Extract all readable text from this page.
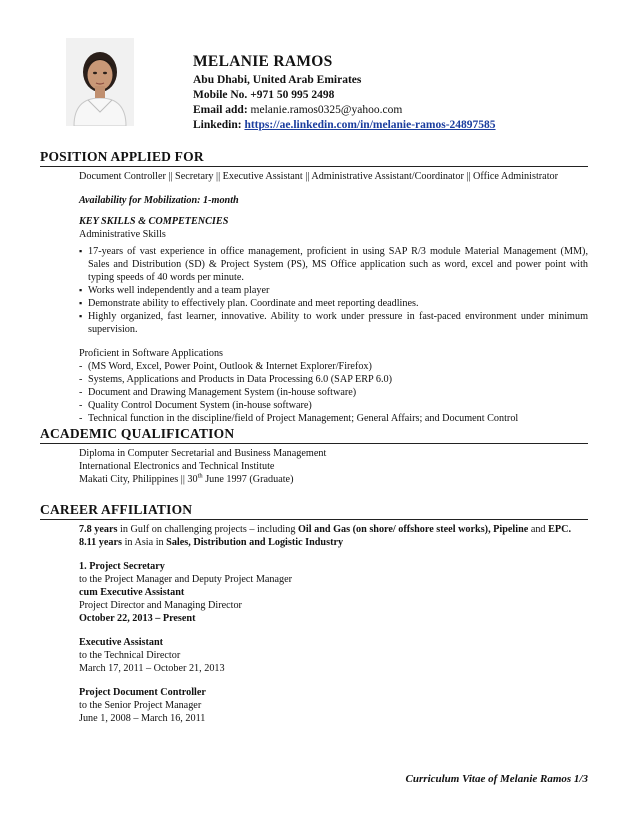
MELANIE RAMOS
Abu Dhabi, United Arab Emirates
Mobile No. +971 50 995 2498
Email add: melanie.ramos0325@yahoo.com
Linkedin: https://ae.linkedin.com/in/melanie-ramos-24897585
POSITION APPLIED FOR

Document Controller || Secretary || Executive Assistant || Administrative Assistant/Coordinator || Office Administrator

Availability for Mobilization: 1-month

KEY SKILLS & COMPETENCIES

Administrative Skills

▪ 17-years of vast experience in office management, proficient in using SAP R/3 module Material Management (MM), Sales and Distribution (SD) & Project System (PS), MS Office application such as word, excel and power point with typing speeds of 40 words per minute.
▪ Works well independently and a team player
▪ Demonstrate ability to effectively plan. Coordinate and meet reporting deadlines.
▪ Highly organized, fast learner, innovative. Ability to work under pressure in fast-paced environment under minimum supervision.

Proficient in Software Applications

- (MS Word, Excel, Power Point, Outlook & Internet Explorer/Firefox)
- Systems, Applications and Products in Data Processing 6.0 (SAP ERP 6.0)
- Document and Drawing Management System (in-house software)
- Quality Control Document System (in-house software)
- Technical function in the discipline/field of Project Management; General Affairs; and Document Control
ACADEMIC QUALIFICATION

Diploma in Computer Secretarial and Business Management

International Electronics and Technical Institute

Makati City, Philippines || 30th June 1997 (Graduate)

CAREER AFFILIATION

7.8 years in Gulf on challenging projects – including Oil and Gas (on shore/ offshore steel works), Pipeline and EPC.

8.11 years in Asia in Sales, Distribution and Logistic Industry

1. Project Secretary

to the Project Manager and Deputy Project Manager

cum Executive Assistant

Project Director and Managing Director

October 22, 2013 – Present

Executive Assistant

to the Technical Director

March 17, 2011 – October 21, 2013

Project Document Controller

to the Senior Project Manager

June 1, 2008 – March 16, 2011

Curriculum Vitae of Melanie Ramos 1/3
